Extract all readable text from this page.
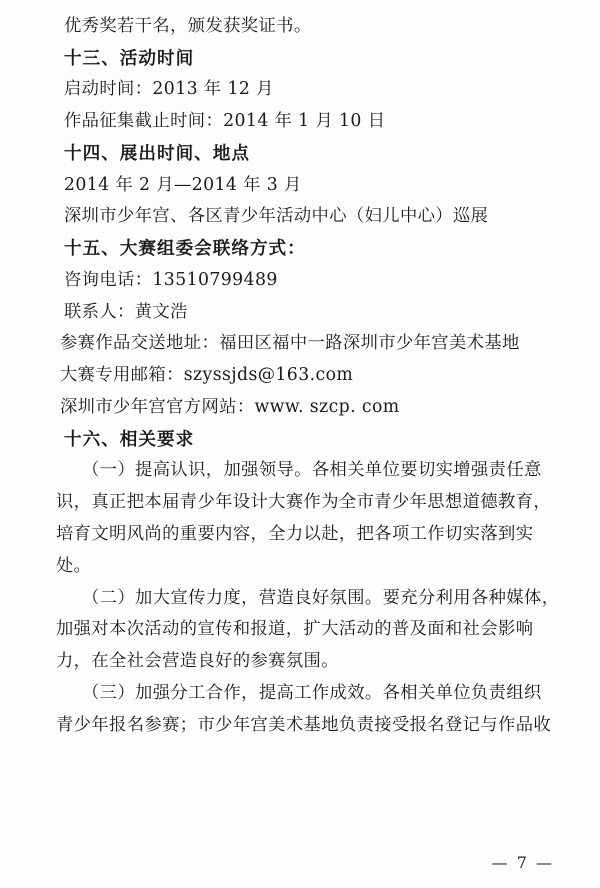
优秀奖若干名，颁发获奖证书。
十三、活动时间
启动时间：2013 年 12 月
作品征集截止时间：2014 年 1 月 10 日
十四、展出时间、地点
2014 年 2 月—2014 年 3 月
深圳市少年宫、各区青少年活动中心（妇儿中心）巡展
十五、大赛组委会联络方式：
咨询电话：13510799489
联系人：黄文浩
参赛作品交送地址：福田区福中一路深圳市少年宫美术基地
大赛专用邮箱：szyssjds@163.com
深圳市少年宫官方网站：www. szcp. com
十六、相关要求
（一）提高认识，加强领导。各相关单位要切实增强责任意
识，真正把本届青少年设计大赛作为全市青少年思想道德教育，
培育文明风尚的重要内容，全力以赴，把各项工作切实落到实
处。
（二）加大宣传力度，营造良好氛围。要充分利用各种媒体，
加强对本次活动的宣传和报道，扩大活动的普及面和社会影响
力，在全社会营造良好的参赛氛围。
（三）加强分工合作，提高工作成效。各相关单位负责组织
青少年报名参赛；市少年宫美术基地负责接受报名登记与作品收
— 7 —
